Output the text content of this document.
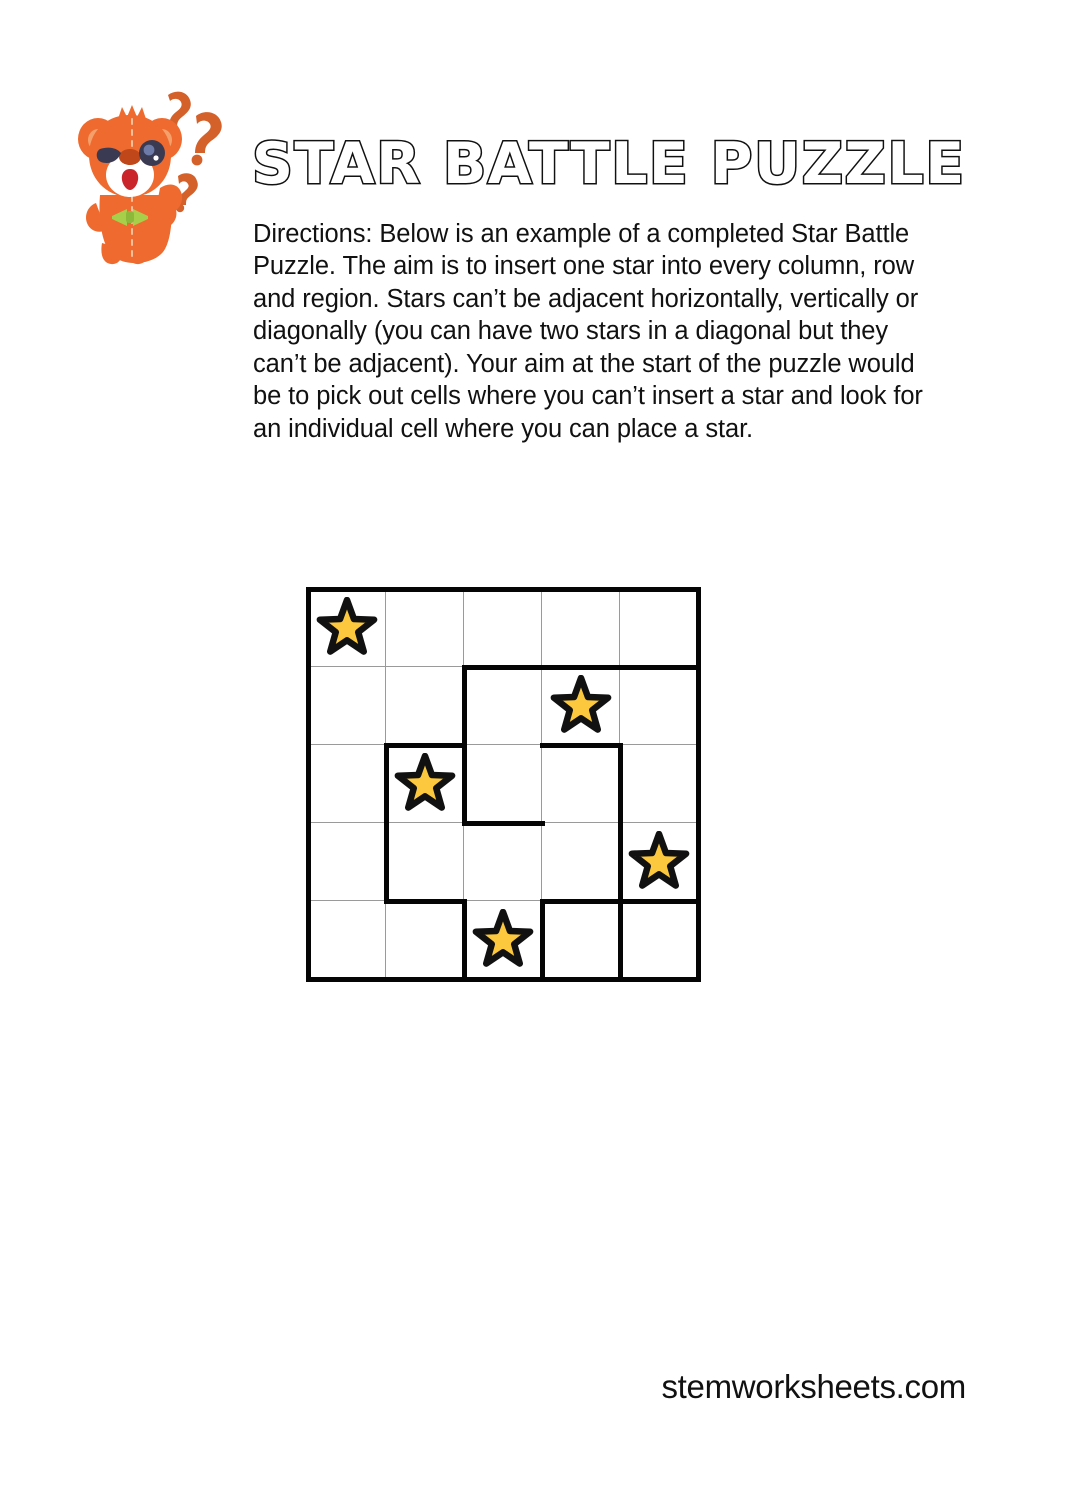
STAR BATTLE PUZZLE

Directions: Below is an example of a completed Star Battle Puzzle. The aim is to insert one star into every column, row and region. Stars can’t be adjacent horizontally, vertically or diagonally (you can have two stars in a diagonal but they can’t be adjacent). Your aim at the start of the puzzle would be to pick out cells where you can’t insert a star and look for an individual cell where you can place a star.

stemworksheets.com
